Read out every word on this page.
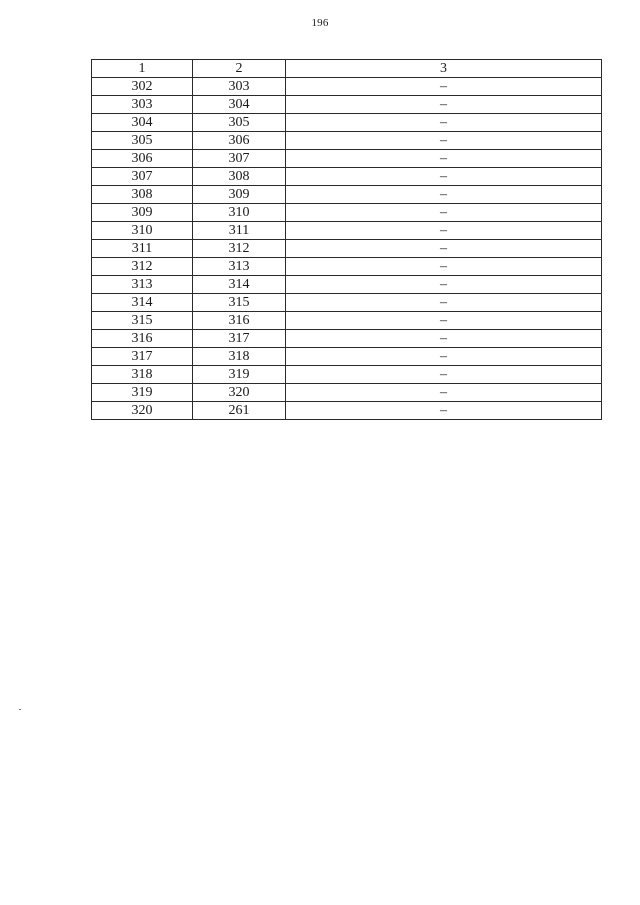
196
1	2	3
302	303	–
303	304	–
304	305	–
305	306	–
306	307	–
307	308	–
308	309	–
309	310	–
310	311	–
311	312	–
312	313	–
313	314	–
314	315	–
315	316	–
316	317	–
317	318	–
318	319	–
319	320	–
320	261	–
